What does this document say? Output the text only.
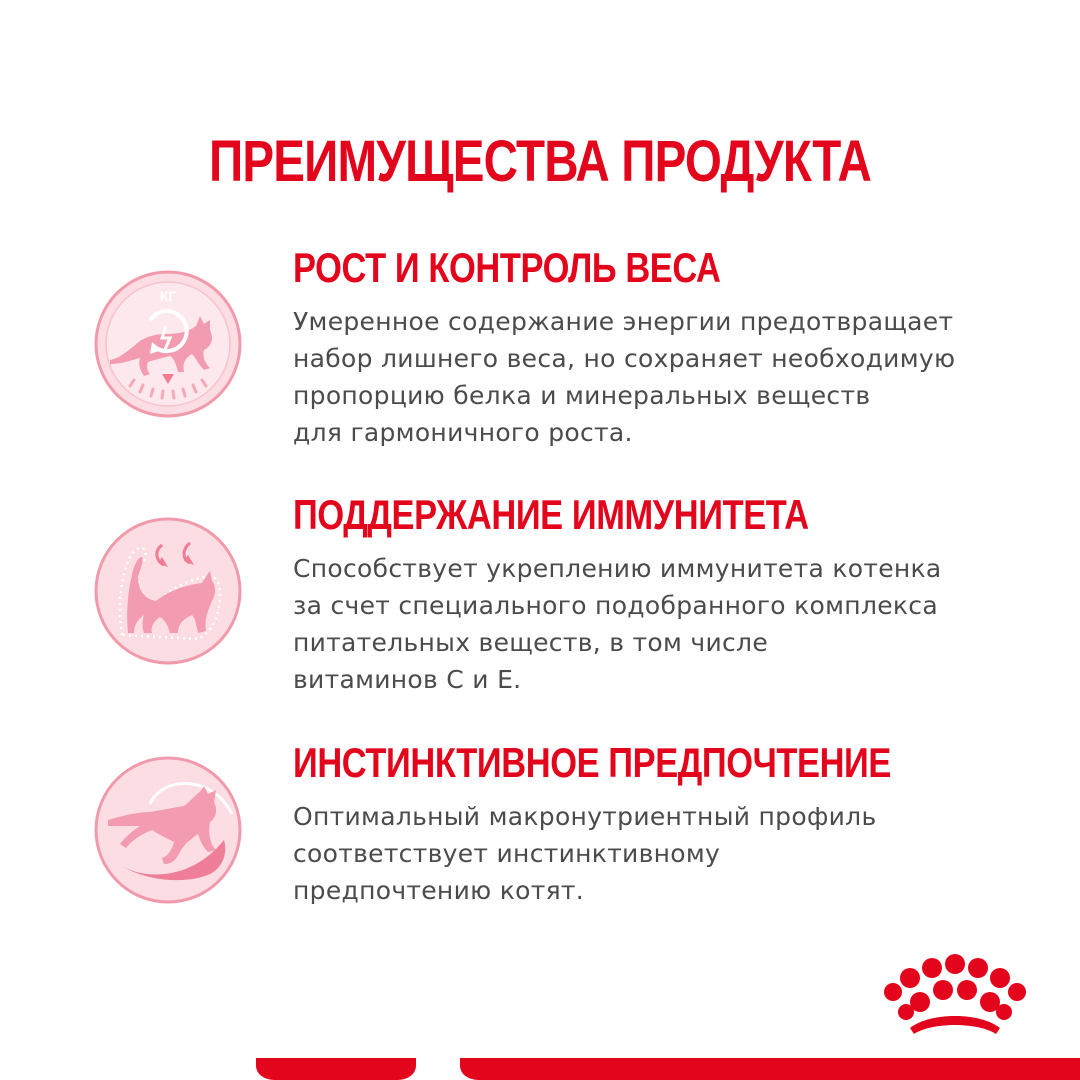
ПРЕИМУЩЕСТВА ПРОДУКТА
КГ
РОСТ И КОНТРОЛЬ ВЕСА
Умеренное содержание энергии предотвращает
набор лишнего веса, но сохраняет необходимую
пропорцию белка и минеральных веществ
для гармоничного роста.
ПОДДЕРЖАНИЕ ИММУНИТЕТА
Способствует укреплению иммунитета котенка
за счет специального подобранного комплекса
питательных веществ, в том числе
витаминов C и E.
ИНСТИНКТИВНОЕ ПРЕДПОЧТЕНИЕ
Оптимальный макронутриентный профиль
соответствует инстинктивному
предпочтению котят.
